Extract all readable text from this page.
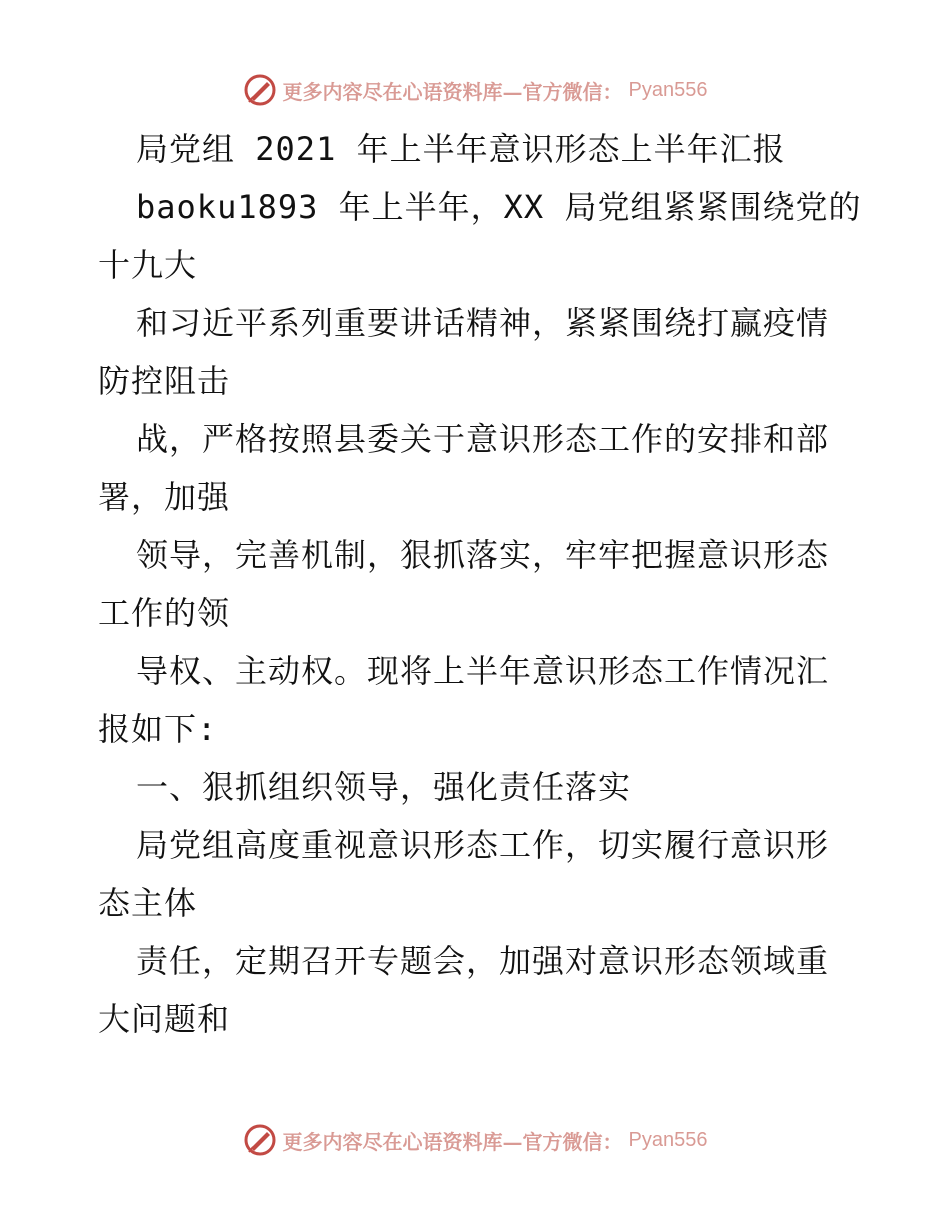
更多内容尽在心语资料库—官方微信： Pyan556
局党组 2021 年上半年意识形态上半年汇报
baoku1893 年上半年，XX 局党组紧紧围绕党的
十九大
和习近平系列重要讲话精神，紧紧围绕打赢疫情
防控阻击
战，严格按照县委关于意识形态工作的安排和部
署，加强
领导，完善机制，狠抓落实，牢牢把握意识形态
工作的领
导权、主动权。现将上半年意识形态工作情况汇
报如下:
一、狠抓组织领导，强化责任落实
局党组高度重视意识形态工作，切实履行意识形
态主体
责任，定期召开专题会，加强对意识形态领域重
大问题和
更多内容尽在心语资料库—官方微信： Pyan556
